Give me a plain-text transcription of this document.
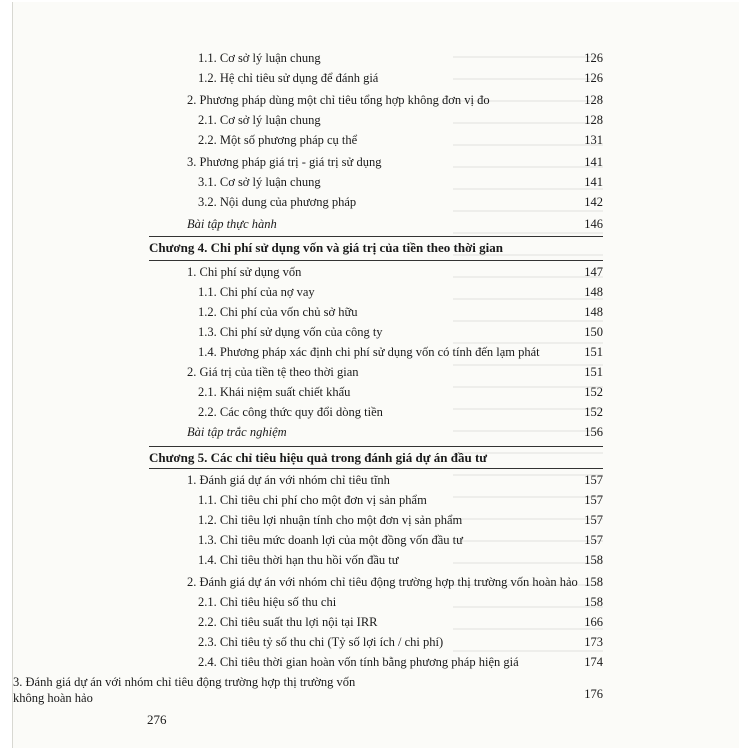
1.1. Cơ sở lý luận chung	126
1.2. Hệ chỉ tiêu sử dụng để đánh giá	126
2. Phương pháp dùng một chỉ tiêu tổng hợp không đơn vị đo	128
2.1. Cơ sở lý luận chung	128
2.2. Một số phương pháp cụ thể	131
3. Phương pháp giá trị - giá trị sử dụng	141
3.1. Cơ sở lý luận chung	141
3.2. Nội dung của phương pháp	142
Bài tập thực hành	146
Chương 4. Chi phí sử dụng vốn và giá trị của tiền theo thời gian
1. Chi phí sử dụng vốn	147
1.1. Chi phí của nợ vay	148
1.2. Chi phí của vốn chủ sở hữu	148
1.3. Chi phí sử dụng vốn của công ty	150
1.4. Phương pháp xác định chi phí sử dụng vốn có tính đến lạm phát	151
2. Giá trị của tiền tệ theo thời gian	151
2.1. Khái niệm suất chiết khấu	152
2.2. Các công thức quy đổi dòng tiền	152
Bài tập trắc nghiệm	156
Chương 5. Các chỉ tiêu hiệu quả trong đánh giá dự án đầu tư
1. Đánh giá dự án với nhóm chỉ tiêu tĩnh	157
1.1. Chỉ tiêu chi phí cho một đơn vị sản phẩm	157
1.2. Chỉ tiêu lợi nhuận tính cho một đơn vị sản phẩm	157
1.3. Chỉ tiêu mức doanh lợi của một đồng vốn đầu tư	157
1.4. Chỉ tiêu thời hạn thu hồi vốn đầu tư	158
2. Đánh giá dự án với nhóm chỉ tiêu động trường hợp thị trường vốn hoàn hảo 158
2.1. Chỉ tiêu hiệu số thu chi	158
2.2. Chỉ tiêu suất thu lợi nội tại IRR	166
2.3. Chỉ tiêu tỷ số thu chi (Tỷ số lợi ích / chi phí)	173
2.4. Chỉ tiêu thời gian hoàn vốn tính bằng phương pháp hiện giá	174
3. Đánh giá dự án với nhóm chỉ tiêu động trường hợp thị trường vốn không hoàn hảo	176
276
